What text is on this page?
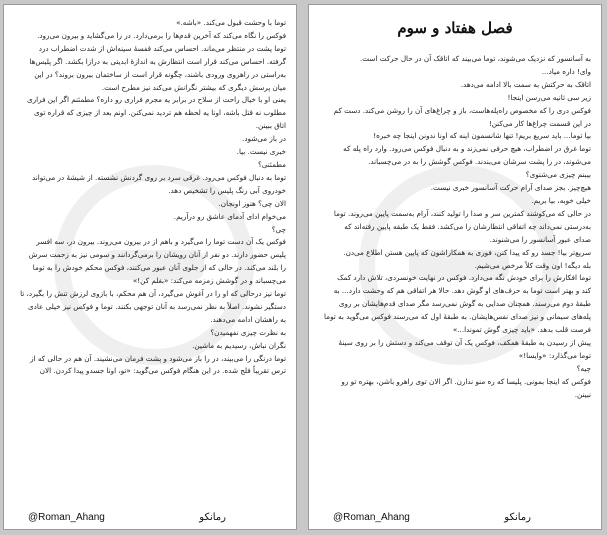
توما با وحشت قبول می‌کند. «باشه.»

فوکس را نگاه می‌کند که آخرین قدم‌ها را برمی‌دارد. در را می‌گشاید و بیرون می‌رود.

توما پشت در منتظر می‌ماند. احساس می‌کند قفسهٔ سینه‌اش از شدت اضطراب درد

گرفته. احساس می‌کند قرار است انتظارش به اندازهٔ ابدیتی به درازا بکشد. اگر پلیس‌ها

به‌راستی در راهروی ورودی باشند، چگونه قرار است از ساختمان بیرون بروند؟ در این

میان پرسش دیگری که بیشتر نگرانش می‌کند نیز مطرح است.

یعنی او با خیال راحت از سلاح در برابر یه مجرم فراری رو داره؟ مطمئنم اگر این فراری

مطلوب نه قتل باشه، اونا یه لحظه هم تردید نمی‌کنن. اونم بعد از چیزی که قراره توی

اتاق ببینن.

در باز می‌شود.

خبری نیست. بیا.

مطمئنی؟

توما به دنبال فوکس می‌رود. غرقی سرد بر روی گردنش نشسته. از شیشهٔ در می‌تواند

خودروی آبی رنگ پلیس را تشخیص دهد.

الان چی؟ هنوز اونجان.

می‌خوام ادای آدمای عاشق رو درآریم.

چی؟

فوکس یک آن دست توما را می‌گیرد و باهم از در بیرون می‌روند. بیرون در، سه افسر

پلیس حضور دارند. دو نفر از آنان رویشان را برمی‌گردانند و سومی نیز به زحمت سرش

را بلند می‌کند. در حالی که از جلوی آنان عبور می‌کنند، فوکس محکم خودش را به توما

می‌چسباند و در گوشش زمزمه می‌کند: «بغلم کن!»

توما نیز درحالی که او را در آغوش می‌گیرد، آن هم محکم، با بازوی لرزش تنش را بگیرد، تا

دستگیر نشوند. اصلاً به نظر نمی‌رسد به آنان توجهی بکنند. توما و فوکس نیز خیلی عادی

به راهشان ادامه می‌دهند.

به نظرت چیزی نفهمیدن؟

نگران نباش، رسیدیم به ماشین.

توما درنگی را می‌بیند، در را باز می‌شود و پشت فرمان می‌نشیند. آن هم در حالی که از

ترس تقریباً فلج شده. در این هنگام فوکس می‌گوید: «تو، اونا جسدو پیدا کردن. الان

@Roman_Ahang	رمانکو
فصل هفتاد و سوم

به آسانسور که نزدیک می‌شوند، توما می‌بیند که اتاقک آن در حال حرکت است.

وای! داره میاد...

اتاقک به حرکتش به سمت بالا ادامه می‌دهد.

زیر سی ثانیه می‌رسن اینجا!

فوکس دری را که مخصوص راه‌پله‌هاست، باز و چراغ‌های آن را روشن می‌کند. دست کم

در این قسمت چراغ‌ها کار می‌کنن!

بیا توما... باید سریع بریم! تنها شانسمون اینه که اونا ندونن اینجا چه خبره!

توما غرق در اضطراب، هیچ حرفی نمی‌زند و به دنبال فوکس می‌رود. وارد راه پله که

می‌شوند، در را پشت سرشان می‌بندند. فوکس گوشش را به در می‌چسباند.

بیبنم چیزی می‌شنوی؟

هیچ‌چیز. بجز صدای آرام حرکت آسانسور خبری نیست.

خیلی خوبه، بیا بریم.

در حالی که می‌کوشند کمترین سر و صدا را تولید کنند، آرام به‌سمت پایین می‌روند. توما

به‌درستی نمی‌داند چه اتفاقی انتظارشان را می‌کشد. فقط یک طبقه پایین رفته‌اند که

صدای عبور آسانسور را می‌شنوند.

سریع‌تر بیا! جسد رو که پیدا کنن، فوری به همکاراشون که پایین هستن اطلاع می‌دن.

بله دیگه! اون وقت کلاً مرخص می‌شیم.

توما افکارش را برای خودش نگه می‌دارد. فوکس در نهایت خونسردی، تلاش دارد کمک

کند و بهتر است توما به حرف‌های او گوش دهد. حالا هر اتفاقی هم که وحشت دارد... به

طبقهٔ دوم می‌رسند. همچنان صدایی به گوش نمی‌رسد مگر صدای قدم‌هایشان بر روی

پله‌های سیمانی و نیز صدای نفس‌هایشان. به طبقهٔ اول که می‌رسند فوکس می‌گوید به توما

فرصت قلب بدهد. «باید چیزی گوش تموندا...»

پیش از رسیدن به طبقهٔ همکف، فوکس یک آن توقف می‌کند و دستش را بر روی سینهٔ

توما می‌گذارد: «وایسا!»

چیه؟

فوکس که اینجا بمونی. پلیسا که ره منو ندارن. اگر الان توی راهرو باشن، بهتره تو رو

نبینن.

@Roman_Ahang	رمانکو
